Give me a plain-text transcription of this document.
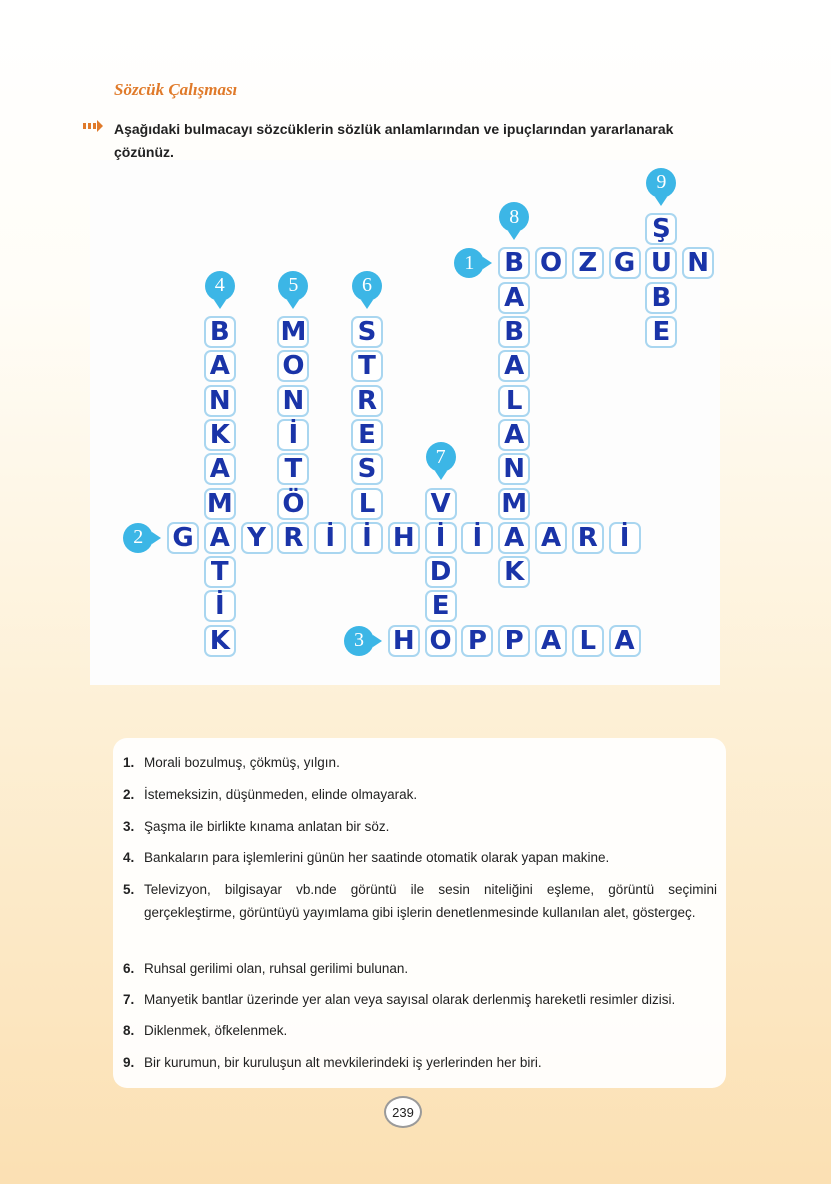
Sözcük Çalışması

Aşağıdaki bulmacayı sözcüklerin sözlük anlamlarından ve ipuçlarından yararlanarak çözünüz.

1
2
3
4	5	6
7
8
9
B O Z G U N
G A Y R İ	İ H İ	İ A A R İ
H O P P A L A
B
A
N
K
A
M
T
İ
K
M
O
N
İ
T
Ö
S
T
R
E
S
L V
D
E
A
B
A
L
A
N
M
K
Ş
B
E
1. Morali bozulmuş, çökmüş, yılgın.
2. İstemeksizin, düşünmeden, elinde olmayarak.
3. Şaşma ile birlikte kınama anlatan bir söz.
4. Bankaların para işlemlerini günün her saatinde otomatik olarak yapan makine.
5. Televizyon, bilgisayar vb.nde görüntü ile sesin niteliğini eşleme, görüntü seçimini gerçekleştirme, görüntüyü yayımlama gibi işlerin denetlenmesinde kullanılan alet, göstergeç.
6. Ruhsal gerilimi olan, ruhsal gerilimi bulunan.
7. Manyetik bantlar üzerinde yer alan veya sayısal olarak derlenmiş hareketli resimler dizisi.
8. Diklenmek, öfkelenmek.
9. Bir kurumun, bir kuruluşun alt mevkilerindeki iş yerlerinden her biri.
239
